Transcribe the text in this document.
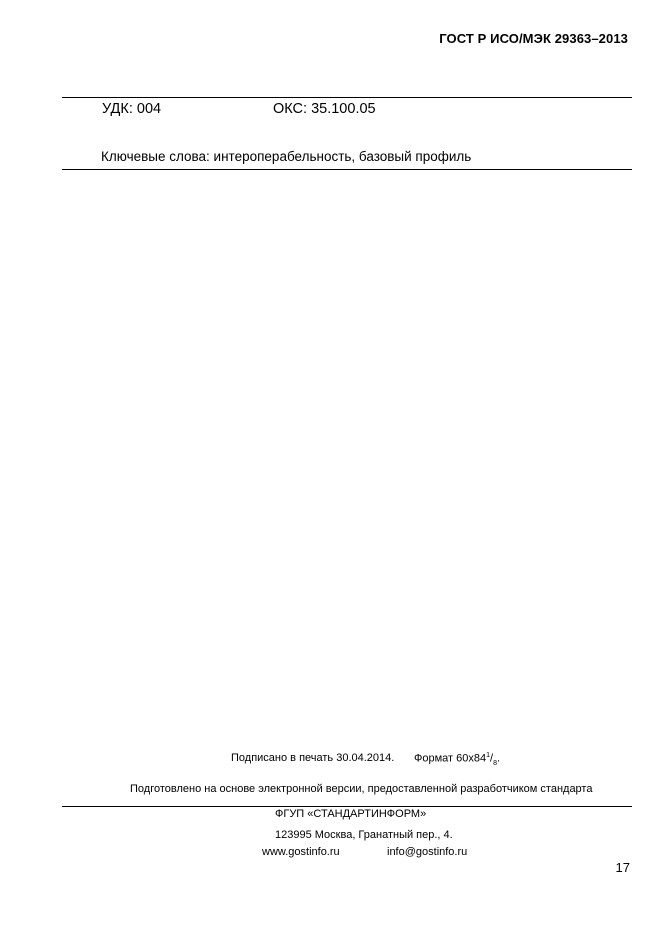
ГОСТ Р ИСО/МЭК 29363–2013
УДК: 004	ОКС: 35.100.05
Ключевые слова: интероперабельность, базовый профиль
Подписано в печать 30.04.2014. Формат $60х84^1/_8$.
Подготовлено на основе электронной версии, предоставленной разработчиком стандарта
ФГУП «СТАНДАРТИНФОРМ»
123995 Москва, Гранатный пер., 4.
www.gostinfo.ru	info@gostinfo.ru
17
